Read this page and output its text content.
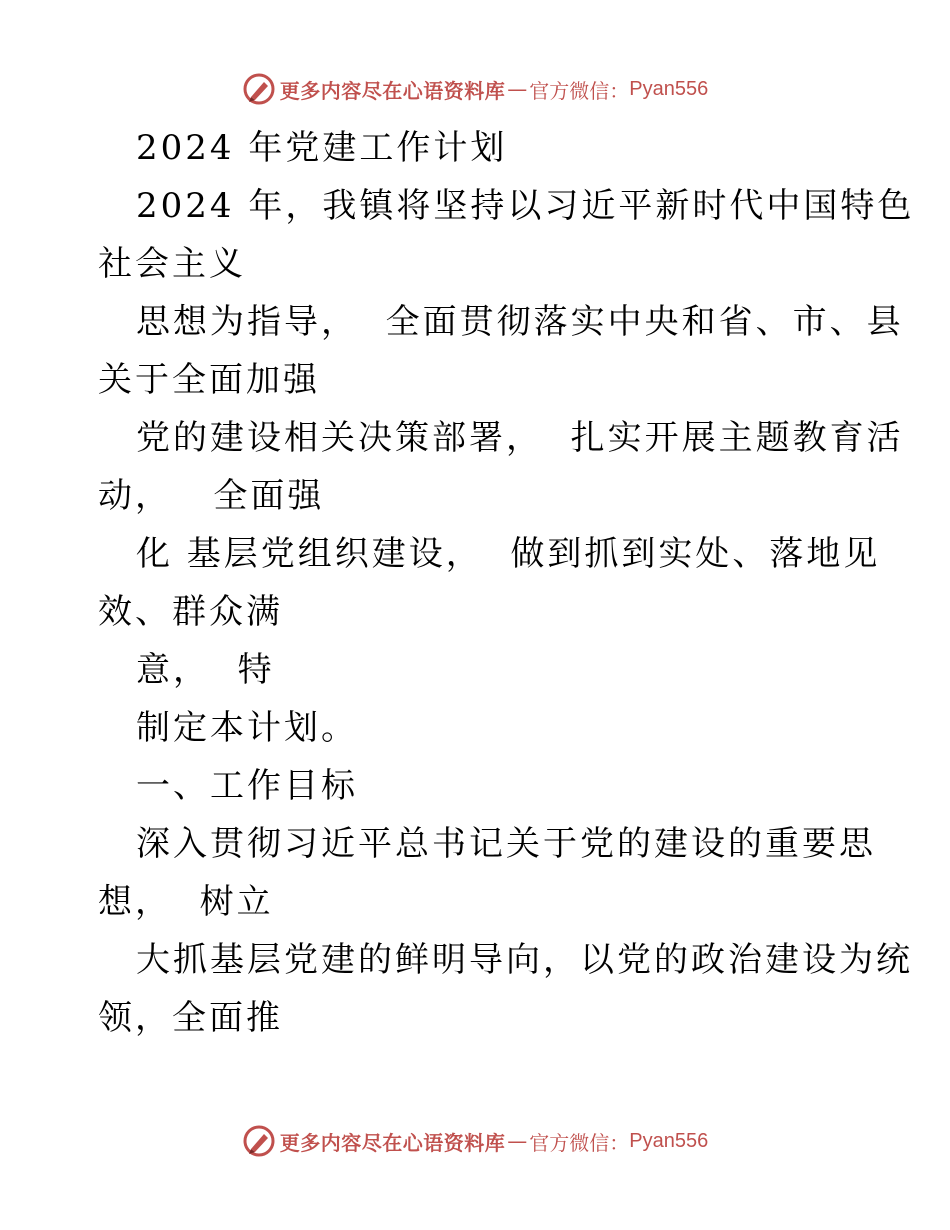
更多内容尽在心语资料库 — 官方微信： Pyan556
2024 年党建工作计划
2024 年，我镇将坚持以习近平新时代中国特色
社会主义
思想为指导，  全面贯彻落实中央和省、市、县
关于全面加强
党的建设相关决策部署，  扎实开展主题教育活
动，   全面强
化 基层党组织建设，  做到抓到实处、落地见
效、群众满
意，  特
制定本计划。
一、工作目标
深入贯彻习近平总书记关于党的建设的重要思
想，  树立
大抓基层党建的鲜明导向，以党的政治建设为统
领，全面推
更多内容尽在心语资料库 — 官方微信： Pyan556
